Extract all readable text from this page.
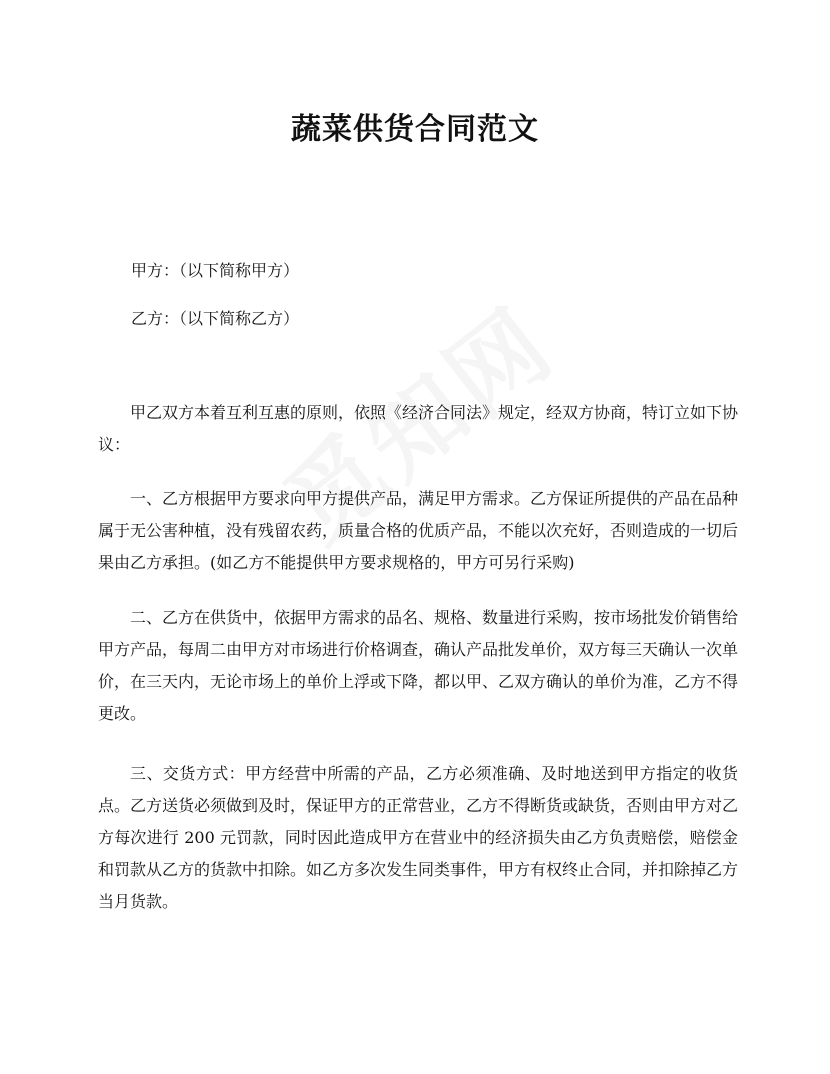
蔬菜供货合同范文

甲方：（以下简称甲方）

乙方：（以下简称乙方）

甲乙双方本着互利互惠的原则，依照《经济合同法》规定，经双方协商，特订立如下协议：

一、乙方根据甲方要求向甲方提供产品，满足甲方需求。乙方保证所提供的产品在品种属于无公害种植，没有残留农药，质量合格的优质产品，不能以次充好，否则造成的一切后果由乙方承担。(如乙方不能提供甲方要求规格的，甲方可另行采购)

二、乙方在供货中，依据甲方需求的品名、规格、数量进行采购，按市场批发价销售给甲方产品，每周二由甲方对市场进行价格调查，确认产品批发单价，双方每三天确认一次单价，在三天内，无论市场上的单价上浮或下降，都以甲、乙双方确认的单价为准，乙方不得更改。

三、交货方式：甲方经营中所需的产品，乙方必须准确、及时地送到甲方指定的收货点。乙方送货必须做到及时，保证甲方的正常营业，乙方不得断货或缺货，否则由甲方对乙方每次进行 200 元罚款，同时因此造成甲方在营业中的经济损失由乙方负责赔偿，赔偿金和罚款从乙方的货款中扣除。如乙方多次发生同类事件，甲方有权终止合同，并扣除掉乙方当月货款。
